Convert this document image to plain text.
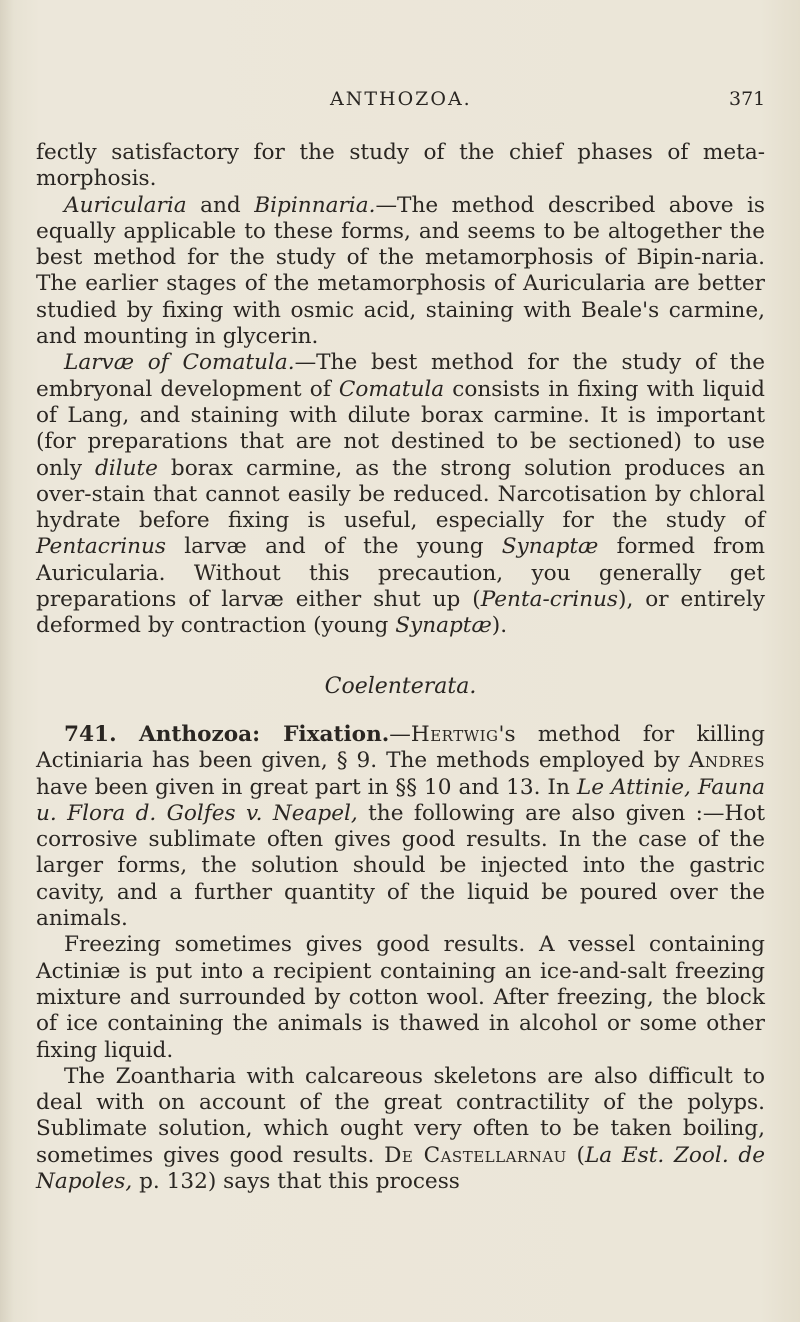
ANTHOZOA.	371

fectly satisfactory for the study of the chief phases of meta-morphosis.

Auricularia and Bipinnaria.—The method described above is equally applicable to these forms, and seems to be altogether the best method for the study of the metamorphosis of Bipin-naria. The earlier stages of the metamorphosis of Auricularia are better studied by fixing with osmic acid, staining with Beale's carmine, and mounting in glycerin.

Larvæ of Comatula.—The best method for the study of the embryonal development of Comatula consists in fixing with liquid of Lang, and staining with dilute borax carmine. It is important (for preparations that are not destined to be sectioned) to use only dilute borax carmine, as the strong solution produces an over-stain that cannot easily be reduced. Narcotisation by chloral hydrate before fixing is useful, especially for the study of Pentacrinus larvæ and of the young Synaptæ formed from Auricularia. Without this precaution, you generally get preparations of larvæ either shut up (Penta-crinus), or entirely deformed by contraction (young Synaptæ).

Coelenterata.

741. Anthozoa: Fixation.—Hertwig's method for killing Actiniaria has been given, § 9. The methods employed by Andres have been given in great part in §§ 10 and 13. In Le Attinie, Fauna u. Flora d. Golfes v. Neapel, the following are also given :—Hot corrosive sublimate often gives good results. In the case of the larger forms, the solution should be injected into the gastric cavity, and a further quantity of the liquid be poured over the animals.

Freezing sometimes gives good results. A vessel containing Actiniæ is put into a recipient containing an ice-and-salt freezing mixture and surrounded by cotton wool. After freezing, the block of ice containing the animals is thawed in alcohol or some other fixing liquid.

The Zoantharia with calcareous skeletons are also difficult to deal with on account of the great contractility of the polyps. Sublimate solution, which ought very often to be taken boiling, sometimes gives good results. De Castellarnau (La Est. Zool. de Napoles, p. 132) says that this process
